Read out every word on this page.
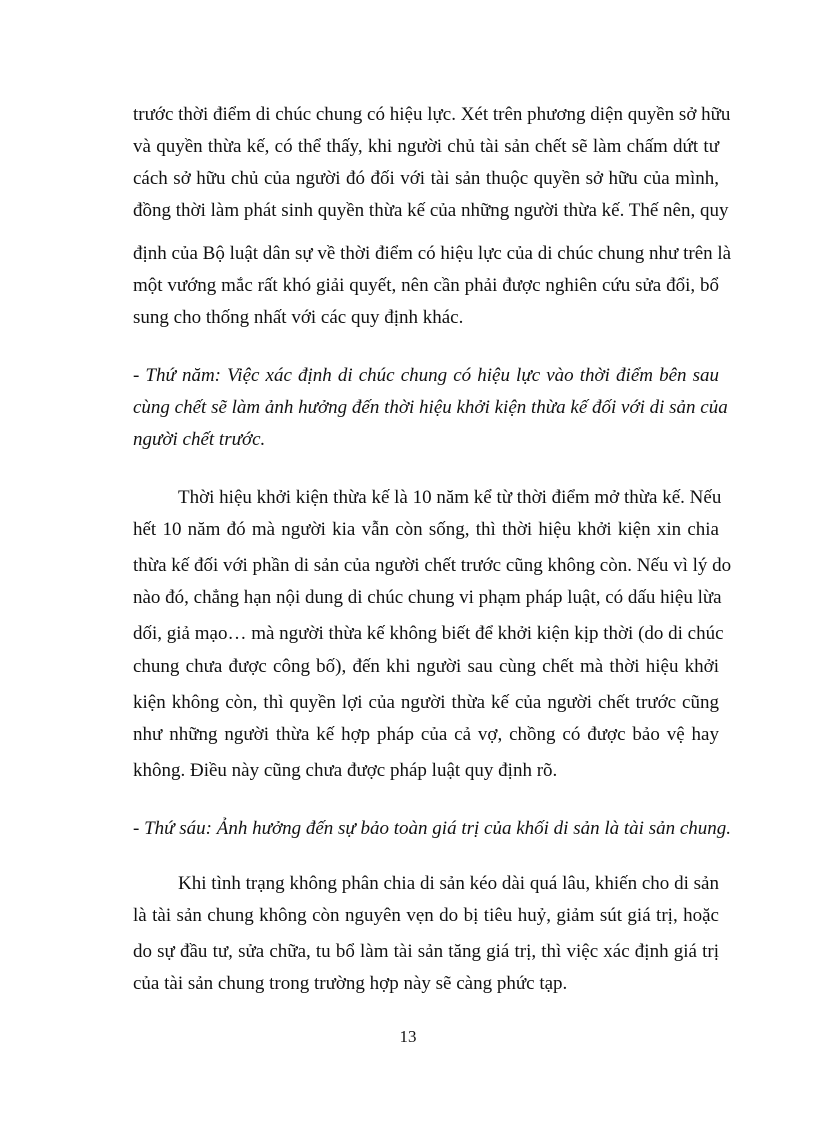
trước thời điểm di chúc chung có hiệu lực. Xét trên phương diện quyền sở hữu
và quyền thừa kế, có thể thấy, khi người chủ tài sản chết sẽ làm chấm dứt tư
cách sở hữu chủ của người đó đối với tài sản thuộc quyền sở hữu của mình,
đồng thời làm phát sinh quyền thừa kế của những người thừa kế. Thế nên, quy
định của Bộ luật dân sự về thời điểm có hiệu lực của di chúc chung như trên là
một vướng mắc rất khó giải quyết, nên cần phải được nghiên cứu sửa đổi, bổ
sung cho thống nhất với các quy định khác.
- Thứ năm: Việc xác định di chúc chung có hiệu lực vào thời điểm bên sau
cùng chết sẽ làm ảnh hưởng đến thời hiệu khởi kiện thừa kế đối với di sản của
người chết trước.
Thời hiệu khởi kiện thừa kế là 10 năm kể từ thời điểm mở thừa kế. Nếu
hết 10 năm đó mà người kia vẫn còn sống, thì thời hiệu khởi kiện xin chia
thừa kế đối với phần di sản của người chết trước cũng không còn. Nếu vì lý do
nào đó, chẳng hạn nội dung di chúc chung vi phạm pháp luật, có dấu hiệu lừa
dối, giả mạo… mà người thừa kế không biết để khởi kiện kịp thời (do di chúc
chung chưa được công bố), đến khi người sau cùng chết mà thời hiệu khởi
kiện không còn, thì quyền lợi của người thừa kế của người chết trước cũng
như những người thừa kế hợp pháp của cả vợ, chồng có được bảo vệ hay
không. Điều này cũng chưa được pháp luật quy định rõ.
- Thứ sáu: Ảnh hưởng đến sự bảo toàn giá trị của khối di sản là tài sản chung.
Khi tình trạng không phân chia di sản kéo dài quá lâu, khiến cho di sản
là tài sản chung không còn nguyên vẹn do bị tiêu huỷ, giảm sút giá trị, hoặc
do sự đầu tư, sửa chữa, tu bổ làm tài sản tăng giá trị, thì việc xác định giá trị
của tài sản chung trong trường hợp này sẽ càng phức tạp.
13
